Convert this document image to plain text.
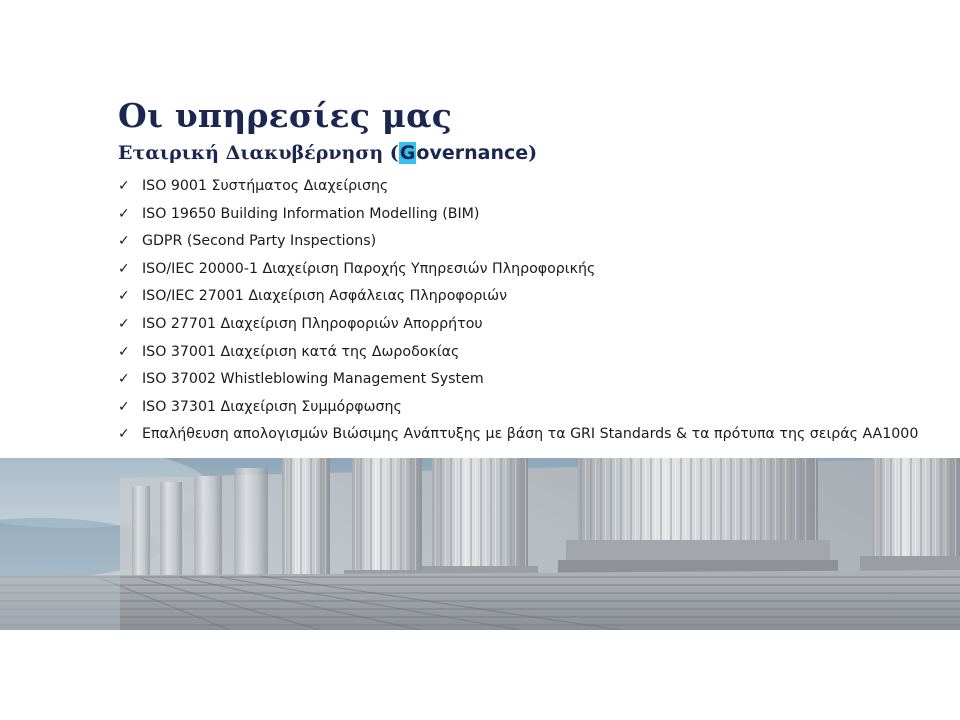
Οι υπηρεσίες μας
Εταιρική Διακυβέρνηση (Governance)
✓ ISO 9001 Συστήματος Διαχείρισης
✓ ISO 19650 Building Information Modelling (BIM)
✓ GDPR (Second Party Inspections)
✓ ISO/IEC 20000-1 Διαχείριση Παροχής Υπηρεσιών Πληροφορικής
✓ ISO/IEC 27001 Διαχείριση Ασφάλειας Πληροφοριών
✓ ISO 27701 Διαχείριση Πληροφοριών Απορρήτου
✓ ISO 37001 Διαχείριση κατά της Δωροδοκίας
✓ ISO 37002 Whistleblowing Management System
✓ ISO 37301 Διαχείριση Συμμόρφωσης
✓ Επαλήθευση απολογισμών Βιώσιμης Ανάπτυξης με βάση τα GRI Standards & τα πρότυπα της σειράς AA1000
